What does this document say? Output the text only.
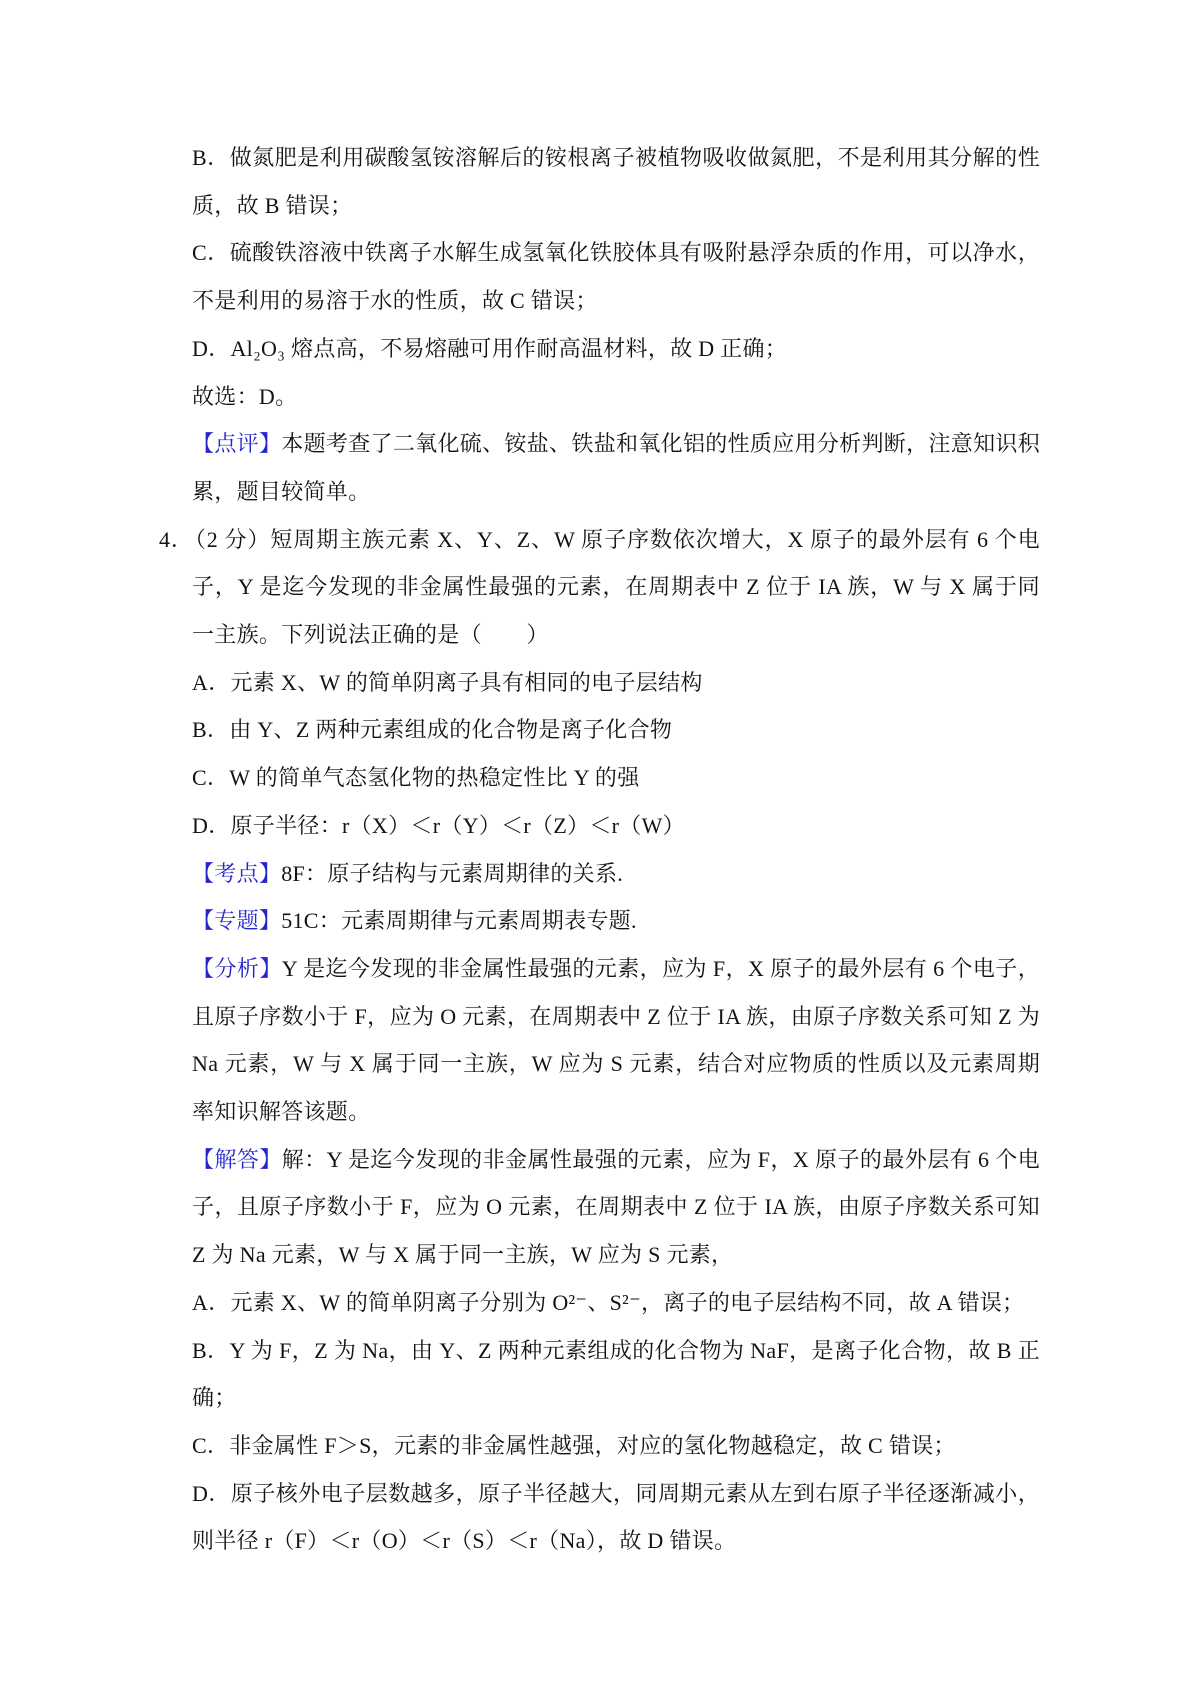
B．做氮肥是利用碳酸氢铵溶解后的铵根离子被植物吸收做氮肥，不是利用其分解的性质，故 B 错误；

C．硫酸铁溶液中铁离子水解生成氢氧化铁胶体具有吸附悬浮杂质的作用，可以净水，不是利用的易溶于水的性质，故 C 错误；

D．Al₂O₃ 熔点高，不易熔融可用作耐高温材料，故 D 正确；

故选：D。

【点评】本题考查了二氧化硫、铵盐、铁盐和氧化铝的性质应用分析判断，注意知识积累，题目较简单。

4．（2 分）短周期主族元素 X、Y、Z、W 原子序数依次增大，X 原子的最外层有 6 个电子，Y 是迄今发现的非金属性最强的元素，在周期表中 Z 位于 IA 族，W 与 X 属于同一主族。下列说法正确的是（　　）

A．元素 X、W 的简单阴离子具有相同的电子层结构

B．由 Y、Z 两种元素组成的化合物是离子化合物

C．W 的简单气态氢化物的热稳定性比 Y 的强

D．原子半径：r（X）＜r（Y）＜r（Z）＜r（W）

【考点】8F：原子结构与元素周期律的关系.

【专题】51C：元素周期律与元素周期表专题.

【分析】Y 是迄今发现的非金属性最强的元素，应为 F，X 原子的最外层有 6 个电子，且原子序数小于 F，应为 O 元素，在周期表中 Z 位于 IA 族，由原子序数关系可知 Z 为 Na 元素，W 与 X 属于同一主族，W 应为 S 元素，结合对应物质的性质以及元素周期率知识解答该题。

【解答】解：Y 是迄今发现的非金属性最强的元素，应为 F，X 原子的最外层有 6 个电子，且原子序数小于 F，应为 O 元素，在周期表中 Z 位于 IA 族，由原子序数关系可知 Z 为 Na 元素，W 与 X 属于同一主族，W 应为 S 元素，

A．元素 X、W 的简单阴离子分别为 O²⁻、S²⁻，离子的电子层结构不同，故 A 错误；

B．Y 为 F，Z 为 Na，由 Y、Z 两种元素组成的化合物为 NaF，是离子化合物，故 B 正确；

C．非金属性 F＞S，元素的非金属性越强，对应的氢化物越稳定，故 C 错误；

D．原子核外电子层数越多，原子半径越大，同周期元素从左到右原子半径逐渐减小，则半径 r（F）＜r（O）＜r（S）＜r（Na），故 D 错误。
